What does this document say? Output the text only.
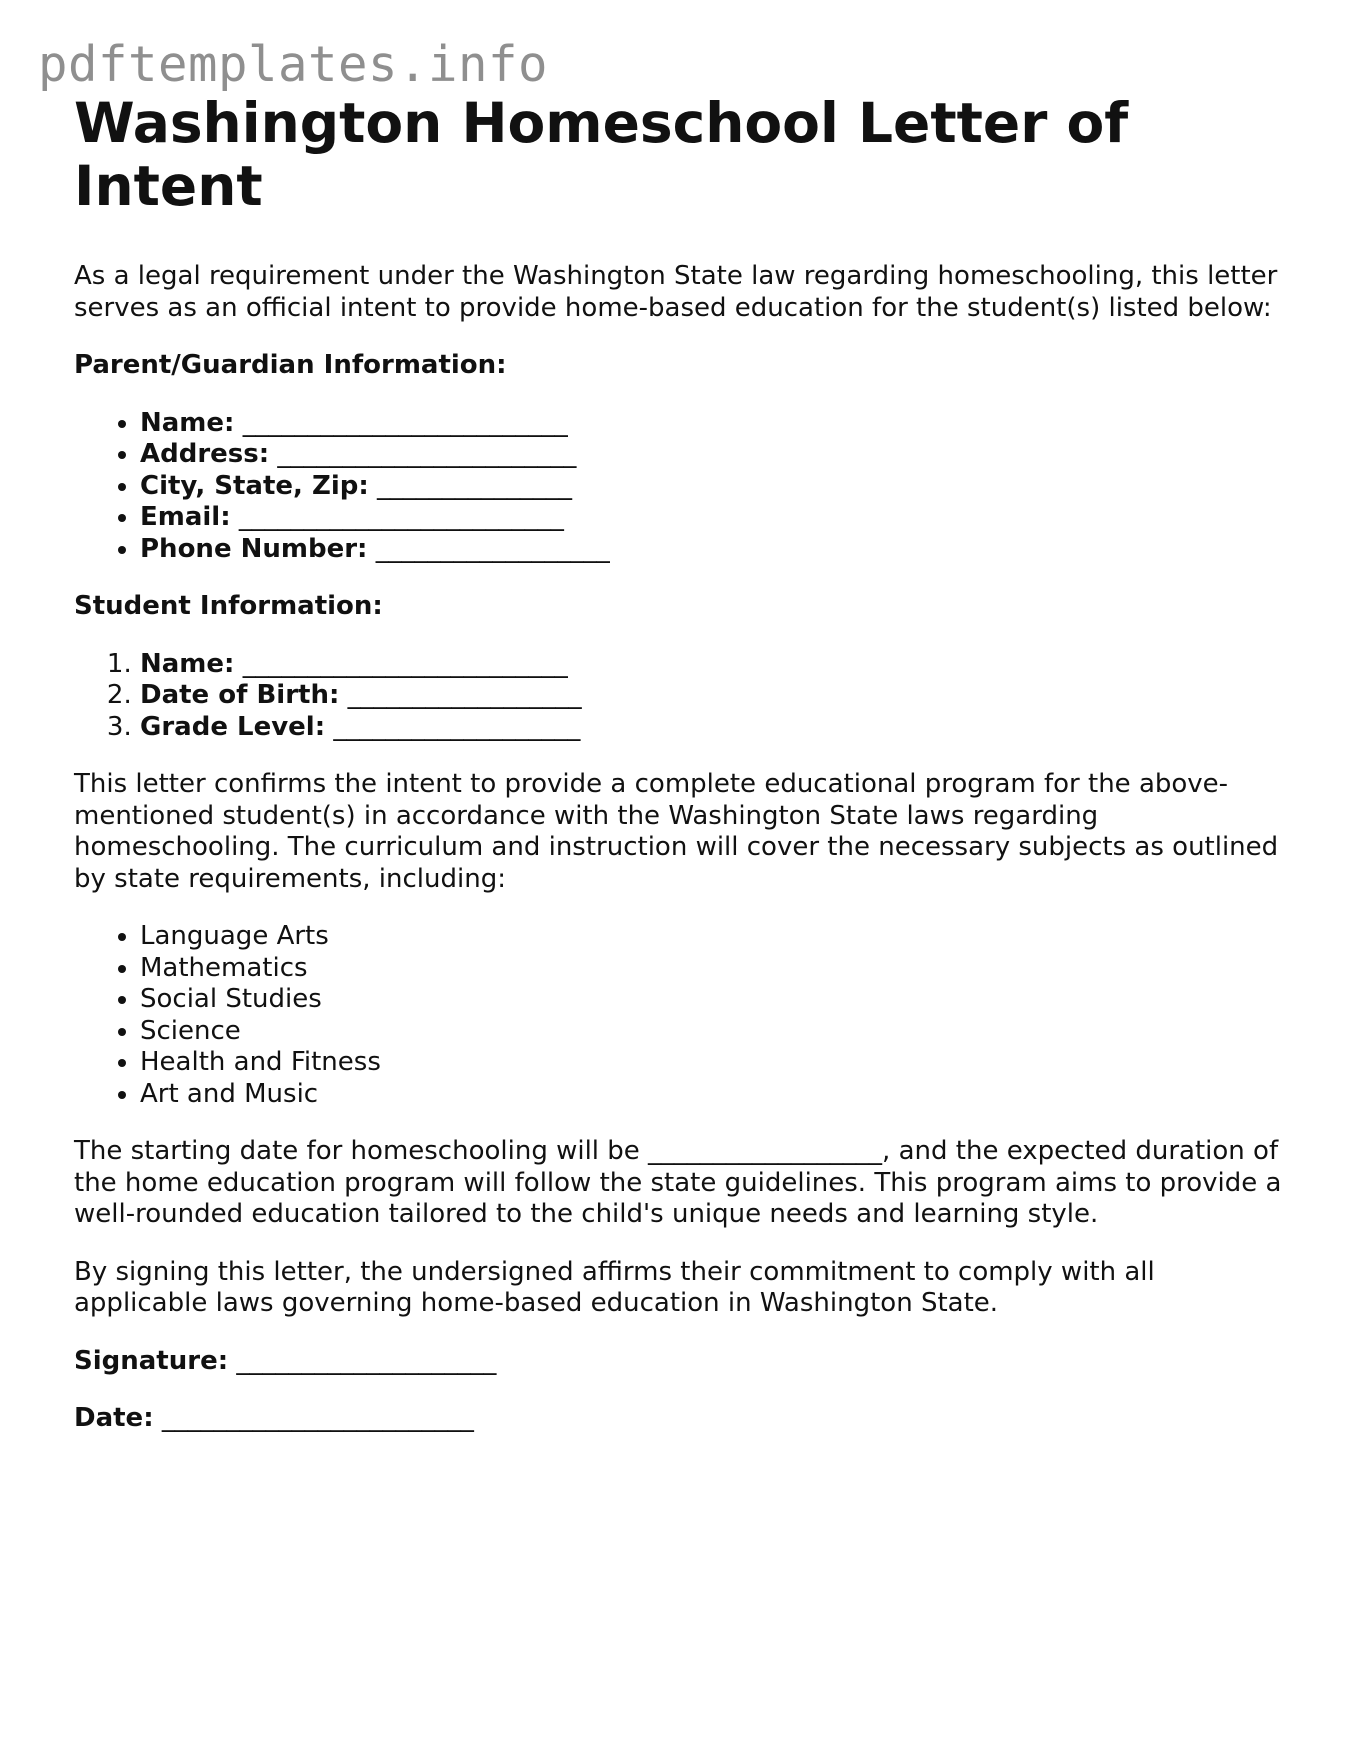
pdftemplates.info
Washington Homeschool Letter of Intent

As a legal requirement under the Washington State law regarding homeschooling, this letter serves as an official intent to provide home-based education for the student(s) listed below:

Parent/Guardian Information:

• Name: _________________________
• Address: _______________________
• City, State, Zip: _______________
• Email: _________________________
• Phone Number: __________________

Student Information:

1. Name: _________________________
2. Date of Birth: __________________
3. Grade Level: ___________________

This letter confirms the intent to provide a complete educational program for the above-mentioned student(s) in accordance with the Washington State laws regarding homeschooling. The curriculum and instruction will cover the necessary subjects as outlined by state requirements, including:

• Language Arts
• Mathematics
• Social Studies
• Science
• Health and Fitness
• Art and Music

The starting date for homeschooling will be __________________, and the expected duration of the home education program will follow the state guidelines. This program aims to provide a well-rounded education tailored to the child's unique needs and learning style.

By signing this letter, the undersigned affirms their commitment to comply with all applicable laws governing home-based education in Washington State.

Signature: ____________________

Date: ________________________
